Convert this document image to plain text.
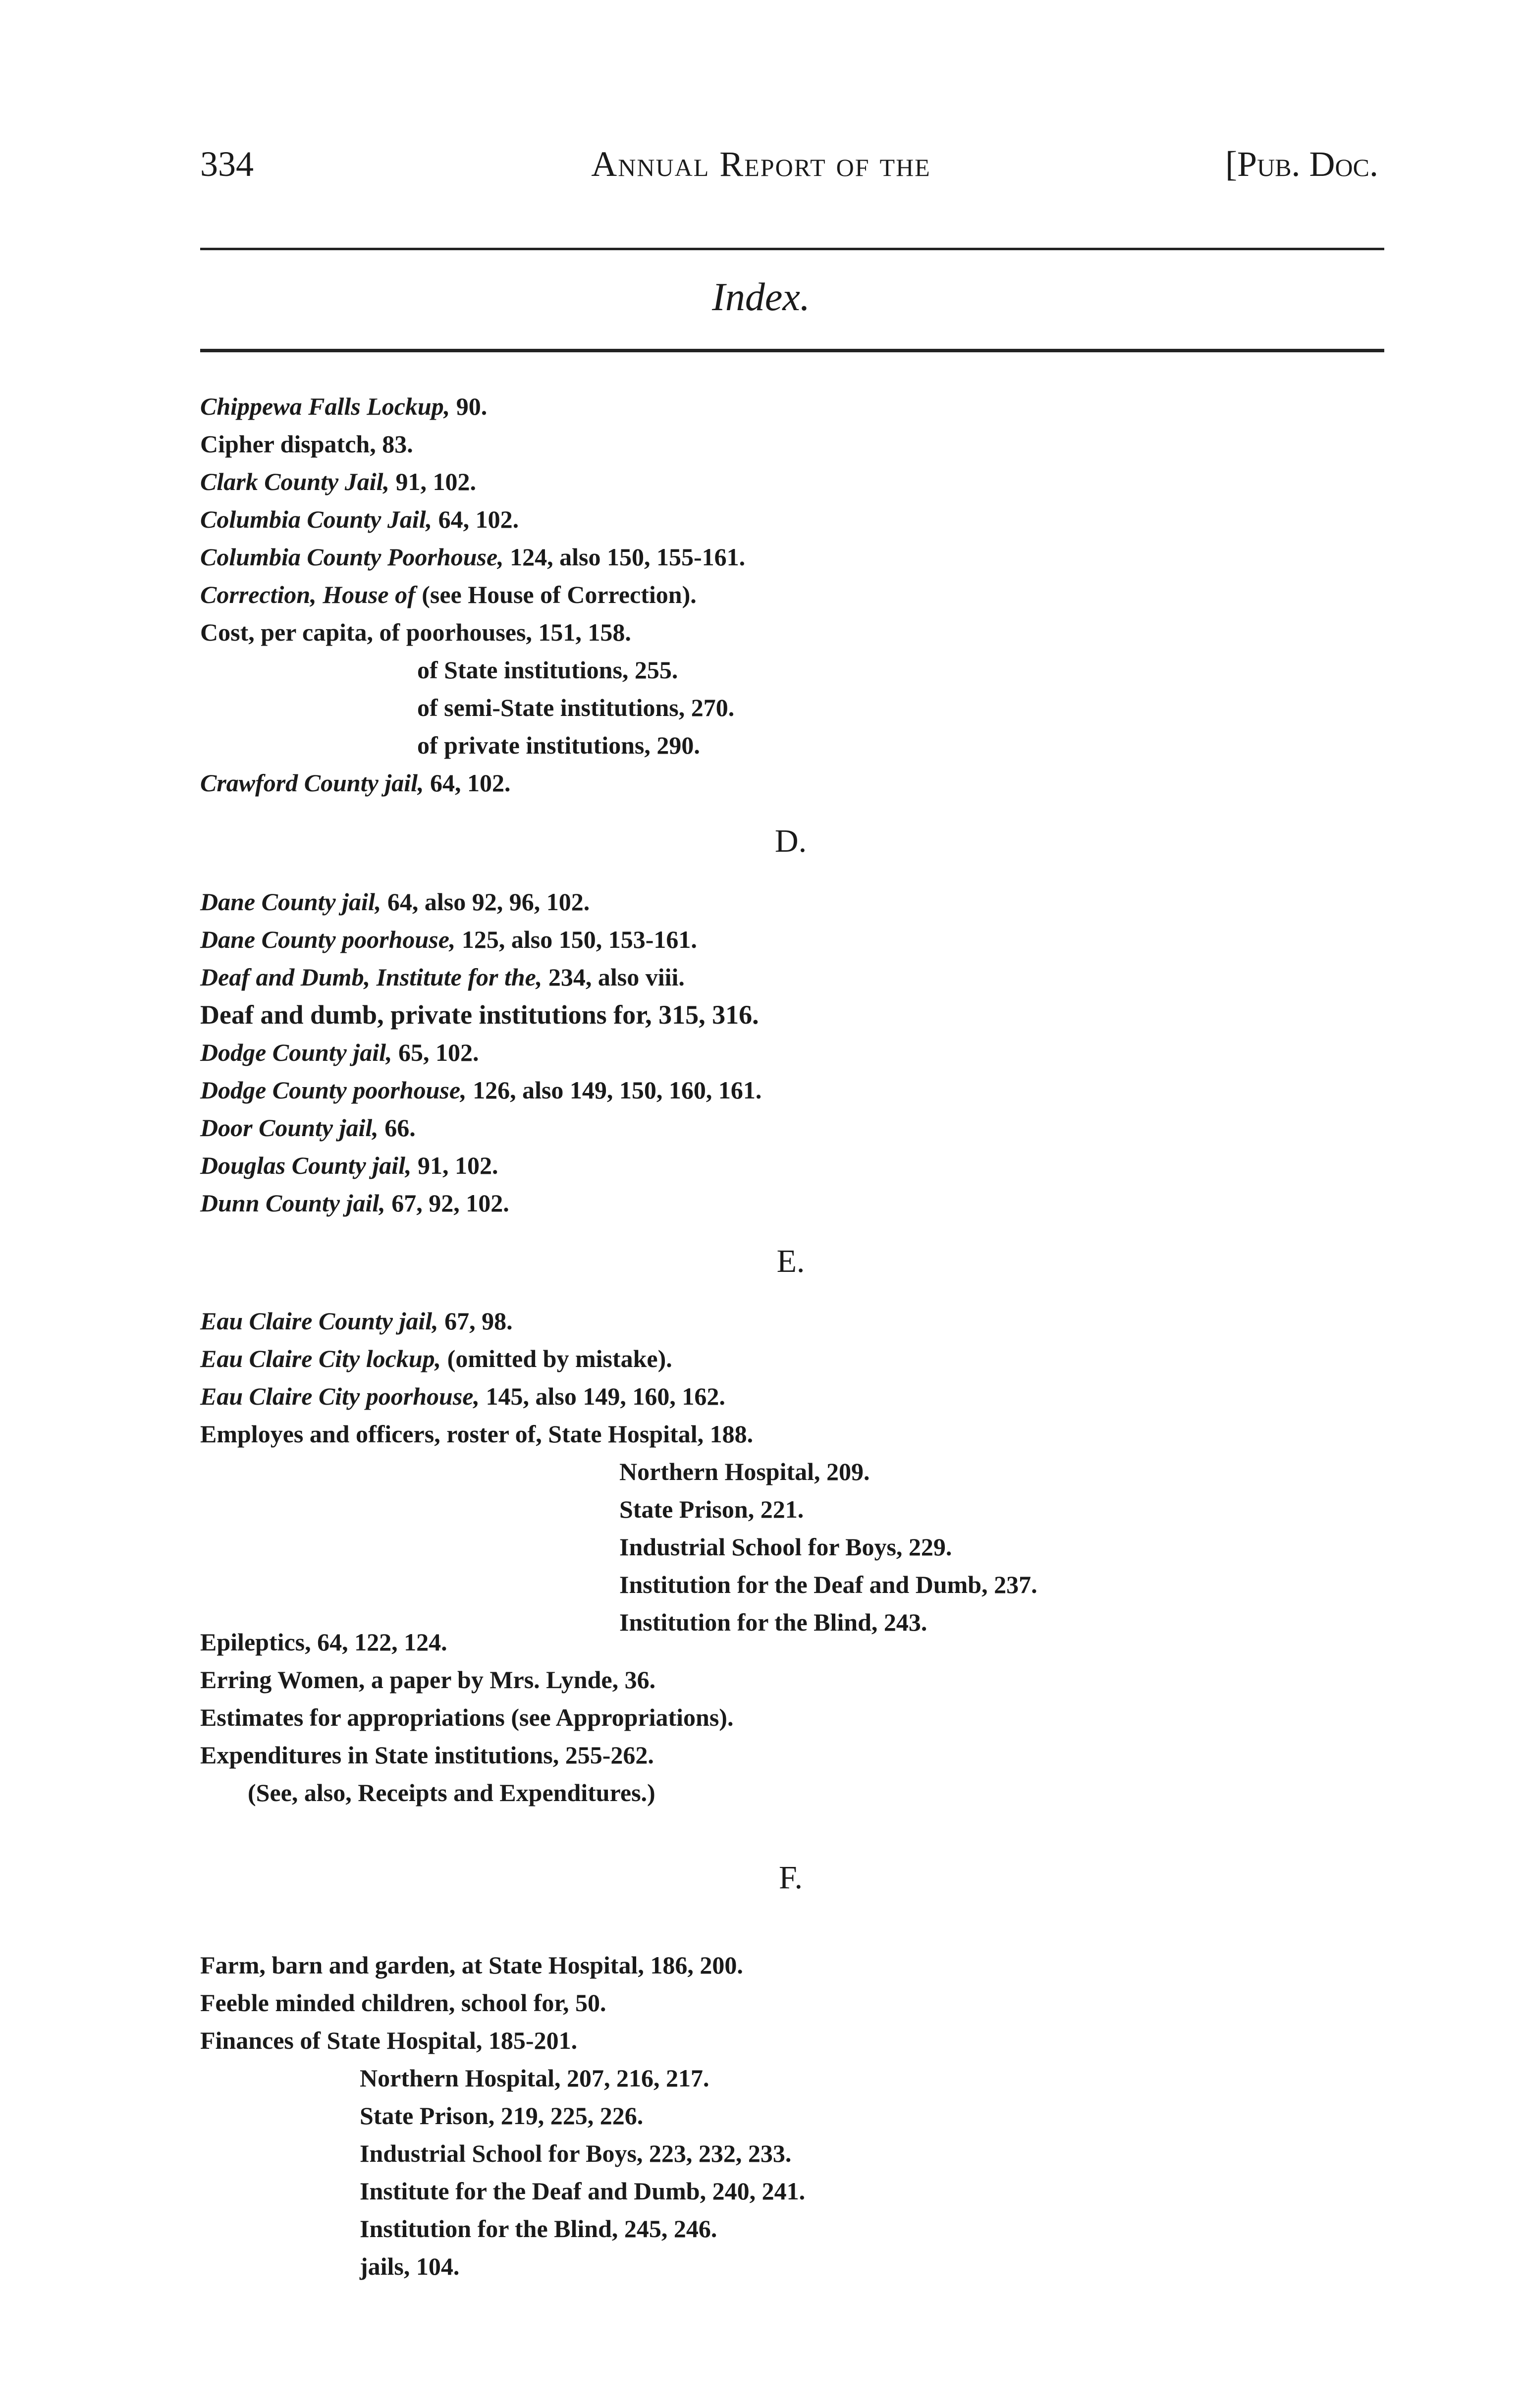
334	Annual Report of the	[Pub. Doc.
Index.
Chippewa Falls Lockup, 90.
Cipher dispatch, 83.
Clark County Jail, 91, 102.
Columbia County Jail, 64, 102.
Columbia County Poorhouse, 124, also 150, 155-161.
Correction, House of (see House of Correction).
Cost, per capita, of poorhouses, 151, 158.
of State institutions, 255.
of semi-State institutions, 270.
of private institutions, 290.
Crawford County jail, 64, 102.
D.
Dane County jail, 64, also 92, 96, 102.
Dane County poorhouse, 125, also 150, 153-161.
Deaf and Dumb, Institute for the, 234, also viii.
Deaf and dumb, private institutions for, 315, 316.
Dodge County jail, 65, 102.
Dodge County poorhouse, 126, also 149, 150, 160, 161.
Door County jail, 66.
Douglas County jail, 91, 102.
Dunn County jail, 67, 92, 102.
E.
Eau Claire County jail, 67, 98.
Eau Claire City lockup, (omitted by mistake).
Eau Claire City poorhouse, 145, also 149, 160, 162.
Employes and officers, roster of, State Hospital, 188.
Northern Hospital, 209.
State Prison, 221.
Industrial School for Boys, 229.
Institution for the Deaf and Dumb, 237.
Institution for the Blind, 243.
Epileptics, 64, 122, 124.
Erring Women, a paper by Mrs. Lynde, 36.
Estimates for appropriations (see Appropriations).
Expenditures in State institutions, 255-262.
(See, also, Receipts and Expenditures.)
F.
Farm, barn and garden, at State Hospital, 186, 200.
Feeble minded children, school for, 50.
Finances of State Hospital, 185-201.
Northern Hospital, 207, 216, 217.
State Prison, 219, 225, 226.
Industrial School for Boys, 223, 232, 233.
Institute for the Deaf and Dumb, 240, 241.
Institution for the Blind, 245, 246.
jails, 104.
